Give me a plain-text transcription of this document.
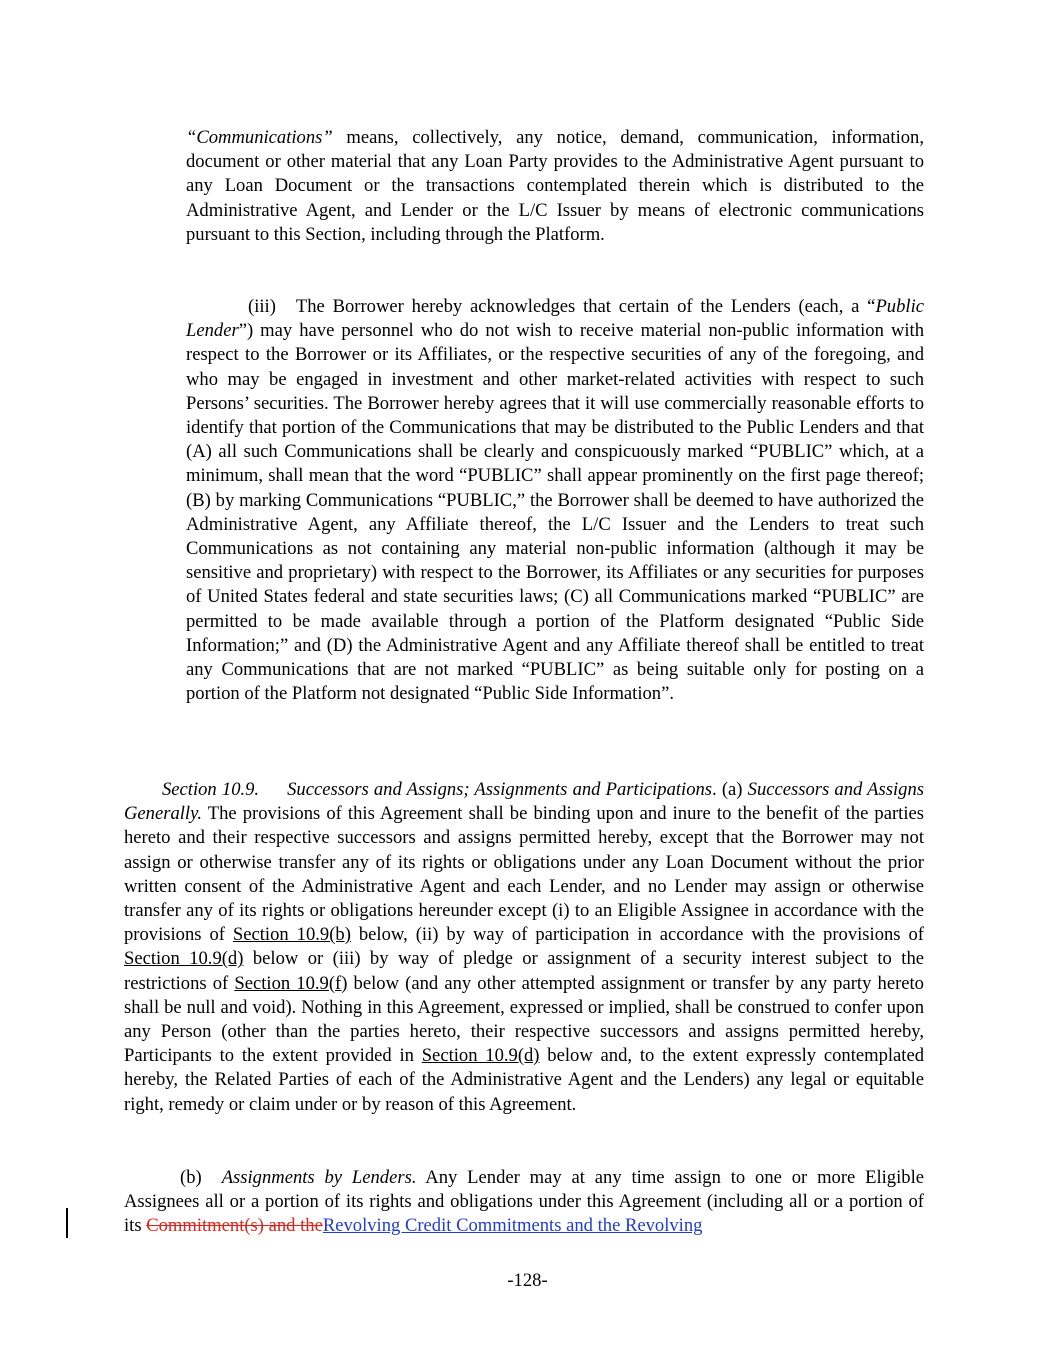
“Communications” means, collectively, any notice, demand, communication, information, document or other material that any Loan Party provides to the Administrative Agent pursuant to any Loan Document or the transactions contemplated therein which is distributed to the Administrative Agent, and Lender or the L/C Issuer by means of electronic communications pursuant to this Section, including through the Platform.

(iii) The Borrower hereby acknowledges that certain of the Lenders (each, a “Public Lender”) may have personnel who do not wish to receive material non-public information with respect to the Borrower or its Affiliates, or the respective securities of any of the foregoing, and who may be engaged in investment and other market-related activities with respect to such Persons’ securities. The Borrower hereby agrees that it will use commercially reasonable efforts to identify that portion of the Communications that may be distributed to the Public Lenders and that (A) all such Communications shall be clearly and conspicuously marked “PUBLIC” which, at a minimum, shall mean that the word “PUBLIC” shall appear prominently on the first page thereof; (B) by marking Communications “PUBLIC,” the Borrower shall be deemed to have authorized the Administrative Agent, any Affiliate thereof, the L/C Issuer and the Lenders to treat such Communications as not containing any material non-public information (although it may be sensitive and proprietary) with respect to the Borrower, its Affiliates or any securities for purposes of United States federal and state securities laws; (C) all Communications marked “PUBLIC” are permitted to be made available through a portion of the Platform designated “Public Side Information;” and (D) the Administrative Agent and any Affiliate thereof shall be entitled to treat any Communications that are not marked “PUBLIC” as being suitable only for posting on a portion of the Platform not designated “Public Side Information”.

Section 10.9. Successors and Assigns; Assignments and Participations. (a) Successors and Assigns Generally. The provisions of this Agreement shall be binding upon and inure to the benefit of the parties hereto and their respective successors and assigns permitted hereby, except that the Borrower may not assign or otherwise transfer any of its rights or obligations under any Loan Document without the prior written consent of the Administrative Agent and each Lender, and no Lender may assign or otherwise transfer any of its rights or obligations hereunder except (i) to an Eligible Assignee in accordance with the provisions of Section 10.9(b) below, (ii) by way of participation in accordance with the provisions of Section 10.9(d) below or (iii) by way of pledge or assignment of a security interest subject to the restrictions of Section 10.9(f) below (and any other attempted assignment or transfer by any party hereto shall be null and void). Nothing in this Agreement, expressed or implied, shall be construed to confer upon any Person (other than the parties hereto, their respective successors and assigns permitted hereby, Participants to the extent provided in Section 10.9(d) below and, to the extent expressly contemplated hereby, the Related Parties of each of the Administrative Agent and the Lenders) any legal or equitable right, remedy or claim under or by reason of this Agreement.

(b) Assignments by Lenders. Any Lender may at any time assign to one or more Eligible Assignees all or a portion of its rights and obligations under this Agreement (including all or a portion of its Commitment(s) and theRevolving Credit Commitments and the Revolving

-128-
